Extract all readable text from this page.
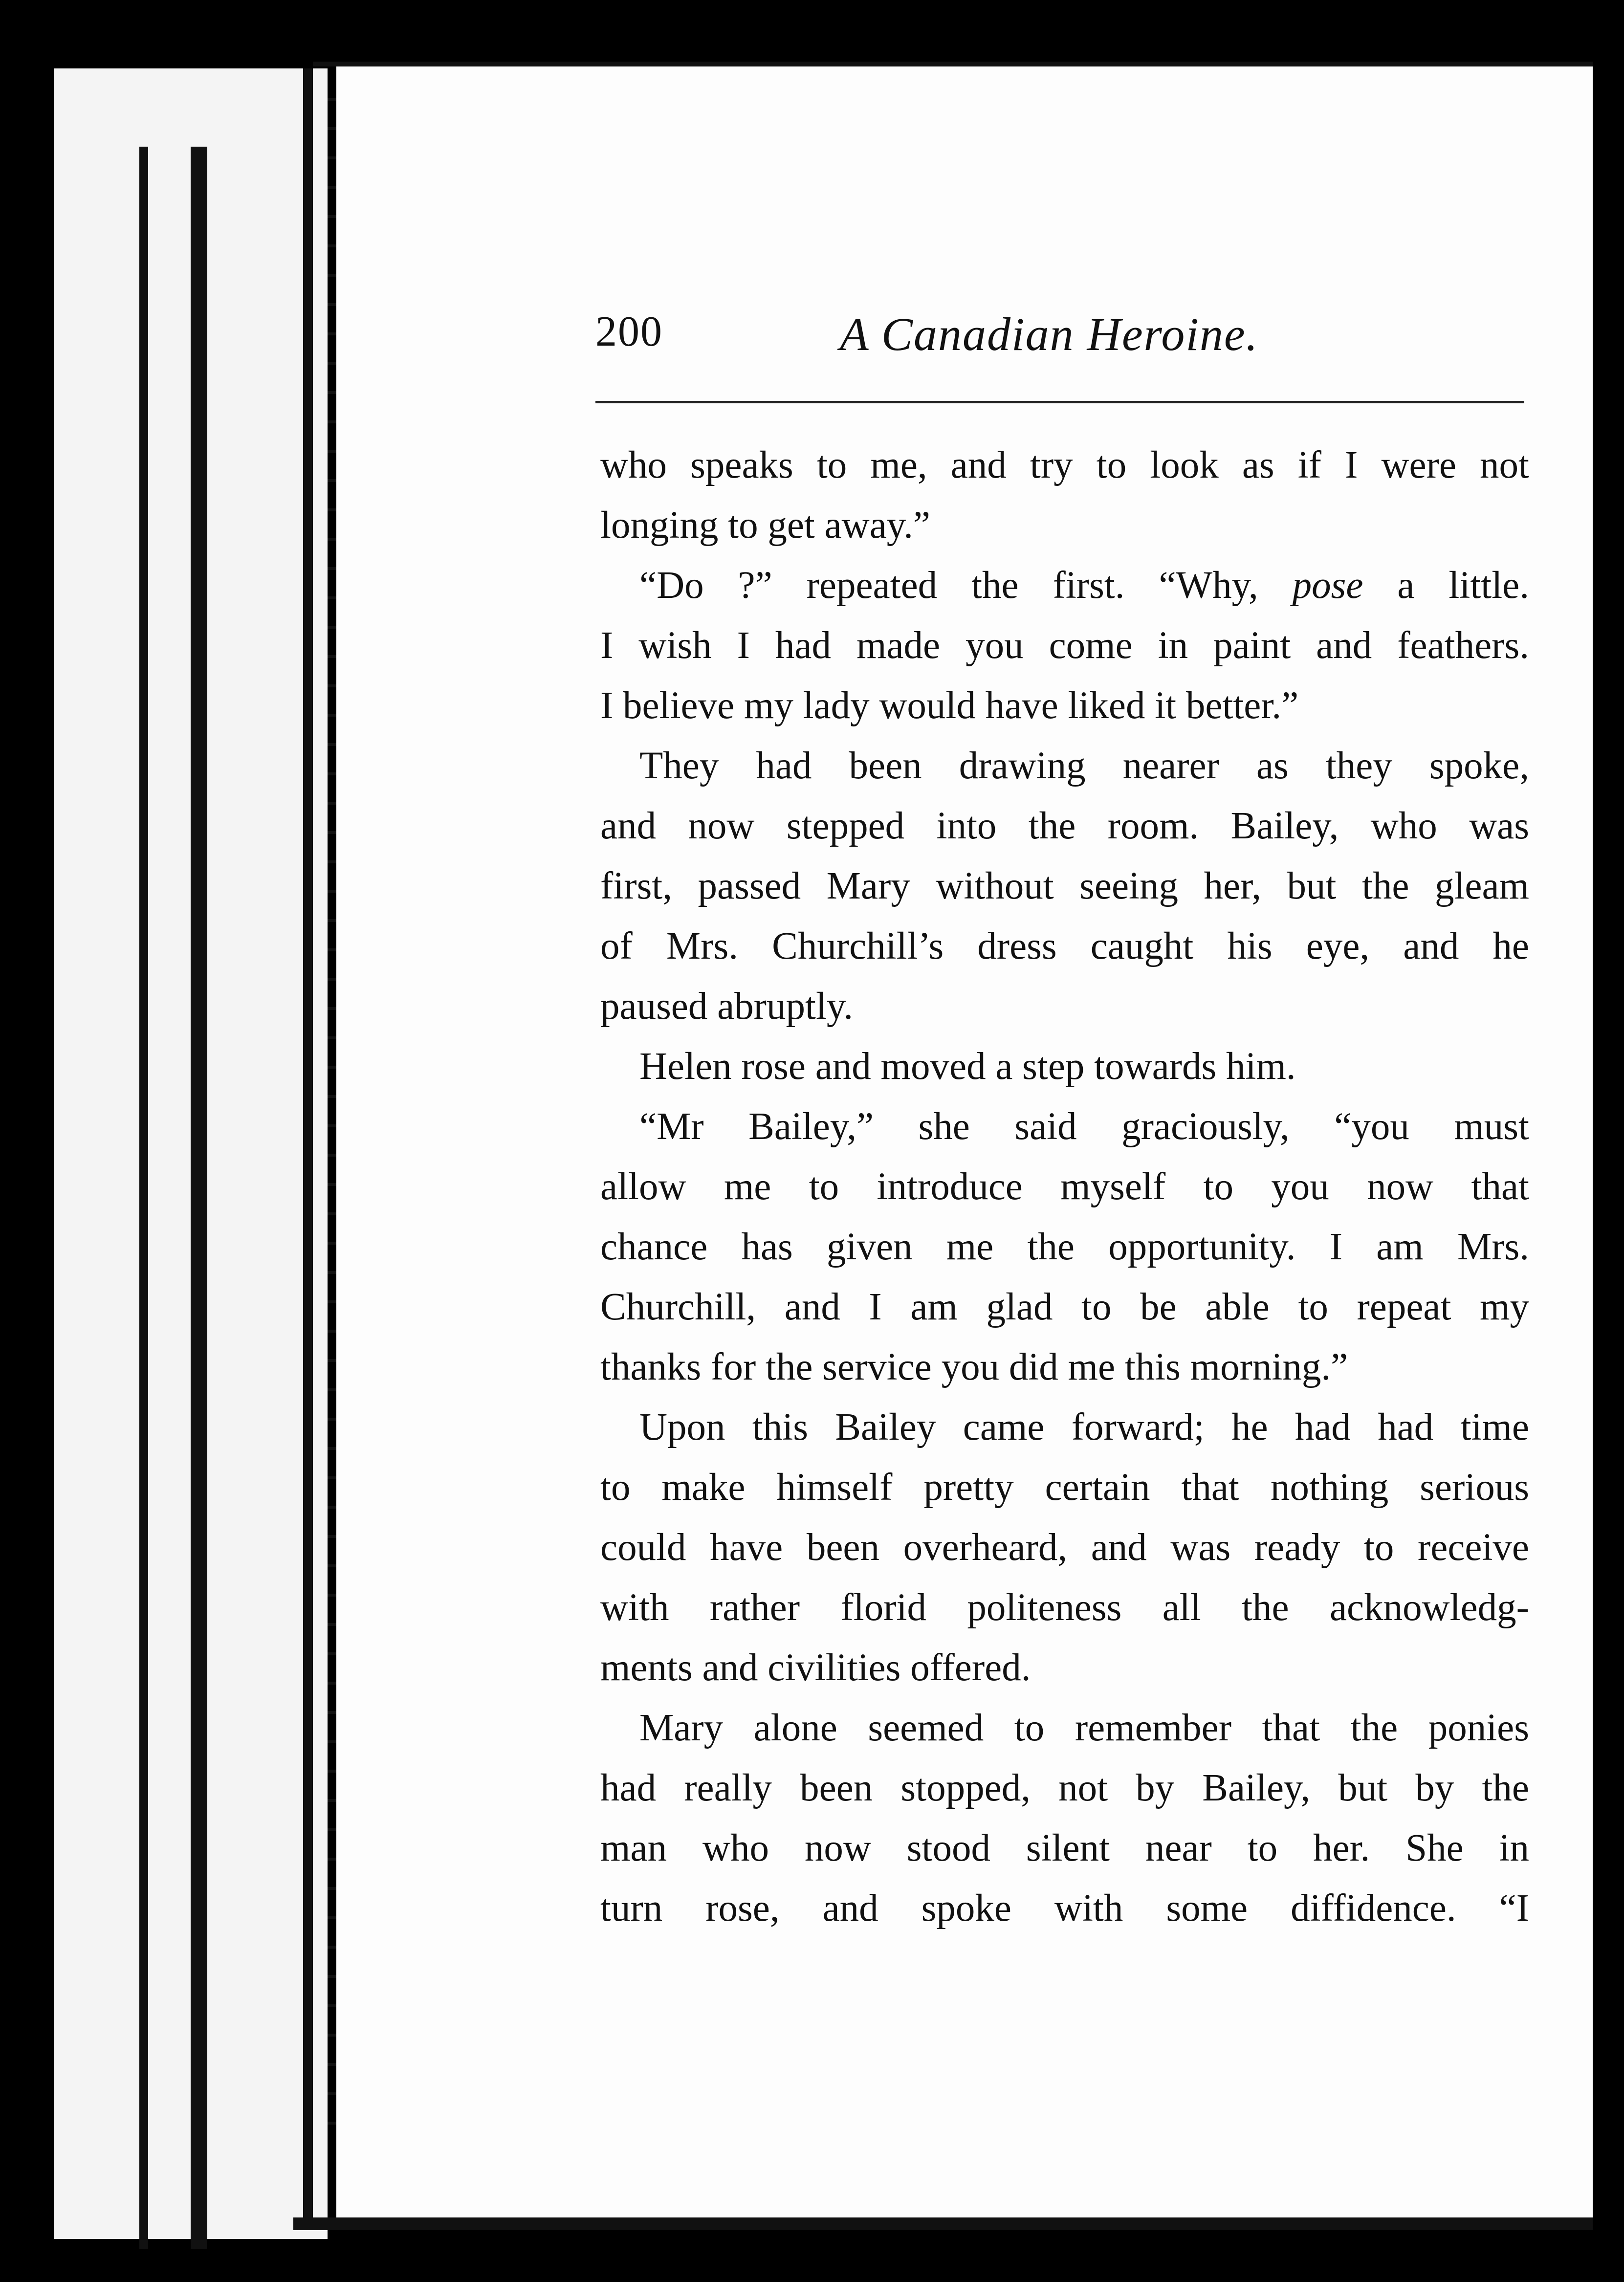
200	A Canadian Heroine.
who speaks to me, and try to look as if I were not
longing to get away.”
“Do ?” repeated the first. “Why, pose a little.
I wish I had made you come in paint and feathers.
I believe my lady would have liked it better.”
They had been drawing nearer as they spoke,
and now stepped into the room. Bailey, who was
first, passed Mary without seeing her, but the gleam
of Mrs. Churchill’s dress caught his eye, and he
paused abruptly.
Helen rose and moved a step towards him.
“Mr Bailey,” she said graciously, “you must
allow me to introduce myself to you now that
chance has given me the opportunity. I am Mrs.
Churchill, and I am glad to be able to repeat my
thanks for the service you did me this morning.”
Upon this Bailey came forward; he had had time
to make himself pretty certain that nothing serious
could have been overheard, and was ready to receive
with rather florid politeness all the acknowledg-
ments and civilities offered.
Mary alone seemed to remember that the ponies
had really been stopped, not by Bailey, but by the
man who now stood silent near to her. She in
turn rose, and spoke with some diffidence. “I
